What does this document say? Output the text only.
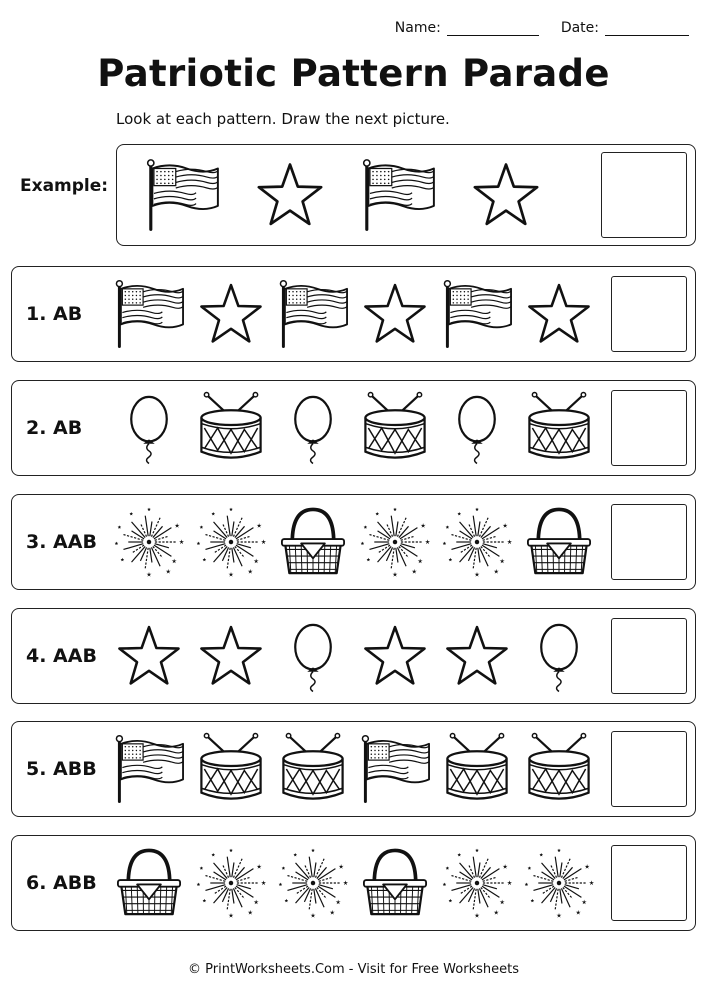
Name:	Date:
Patriotic Pattern Parade
Look at each pattern. Draw the next picture.
Example:
1. AB
2. AB
3. AAB
4. AAB
5. ABB
6. ABB
© PrintWorksheets.Com - Visit for Free Worksheets
